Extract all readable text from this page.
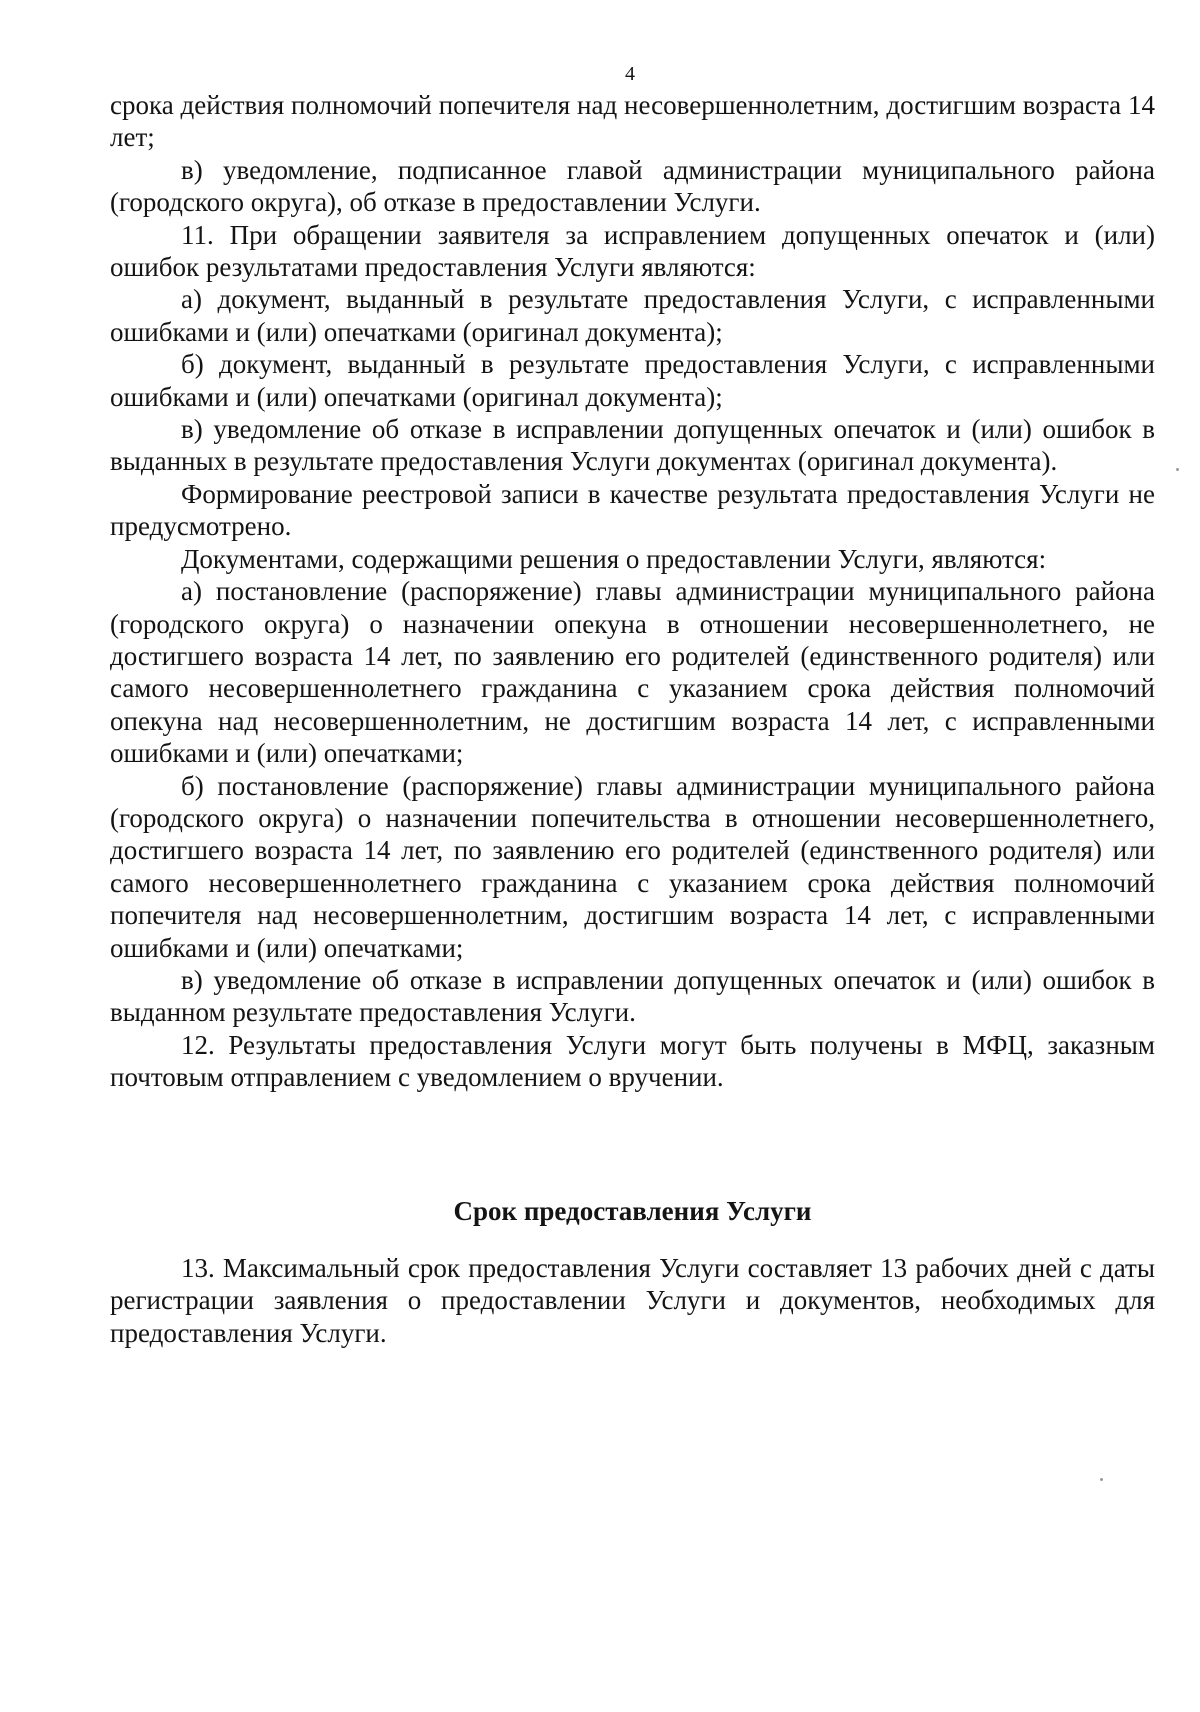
4

срока действия полномочий попечителя над несовершеннолетним, достигшим возраста 14 лет;

в) уведомление, подписанное главой администрации муниципального района (городского округа), об отказе в предоставлении Услуги.

11. При обращении заявителя за исправлением допущенных опечаток и (или) ошибок результатами предоставления Услуги являются:

а) документ, выданный в результате предоставления Услуги, с исправленными ошибками и (или) опечатками (оригинал документа);

б) документ, выданный в результате предоставления Услуги, с исправленными ошибками и (или) опечатками (оригинал документа);

в) уведомление об отказе в исправлении допущенных опечаток и (или) ошибок в выданных в результате предоставления Услуги документах (оригинал документа).

Формирование реестровой записи в качестве результата предоставления Услуги не предусмотрено.

Документами, содержащими решения о предоставлении Услуги, являются:

а) постановление (распоряжение) главы администрации муниципального района (городского округа) о назначении опекуна в отношении несовершеннолетнего, не достигшего возраста 14 лет, по заявлению его родителей (единственного родителя) или самого несовершеннолетнего гражданина с указанием срока действия полномочий опекуна над несовершеннолетним, не достигшим возраста 14 лет, с исправленными ошибками и (или) опечатками;

б) постановление (распоряжение) главы администрации муниципального района (городского округа) о назначении попечительства в отношении несовершеннолетнего, достигшего возраста 14 лет, по заявлению его родителей (единственного родителя) или самого несовершеннолетнего гражданина с указанием срока действия полномочий попечителя над несовершеннолетним, достигшим возраста 14 лет, с исправленными ошибками и (или) опечатками;

в) уведомление об отказе в исправлении допущенных опечаток и (или) ошибок в выданном результате предоставления Услуги.

12. Результаты предоставления Услуги могут быть получены в МФЦ, заказным почтовым отправлением с уведомлением о вручении.

Срок предоставления Услуги

13. Максимальный срок предоставления Услуги составляет 13 рабочих дней с даты регистрации заявления о предоставлении Услуги и документов, необходимых для предоставления Услуги.
